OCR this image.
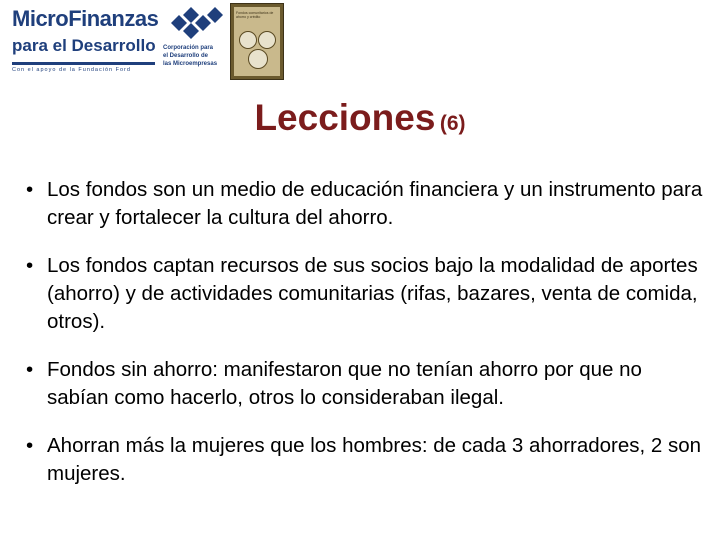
MicroFinanzas
para el Desarrollo
Con el apoyo de la Fundación Ford
Corporación para
el Desarrollo de
las Microempresas
Fondos comunitarios de ahorro y crédito
Lecciones (6)
• Los fondos son un medio de educación financiera y un instrumento para crear y fortalecer la cultura del ahorro.
• Los fondos captan recursos de sus socios bajo la modalidad de aportes (ahorro) y de actividades comunitarias (rifas, bazares, venta de comida, otros).
• Fondos sin ahorro: manifestaron que no tenían ahorro por que no sabían como hacerlo, otros lo consideraban ilegal.
• Ahorran más la mujeres que los hombres: de cada 3 ahorradores, 2 son mujeres.
